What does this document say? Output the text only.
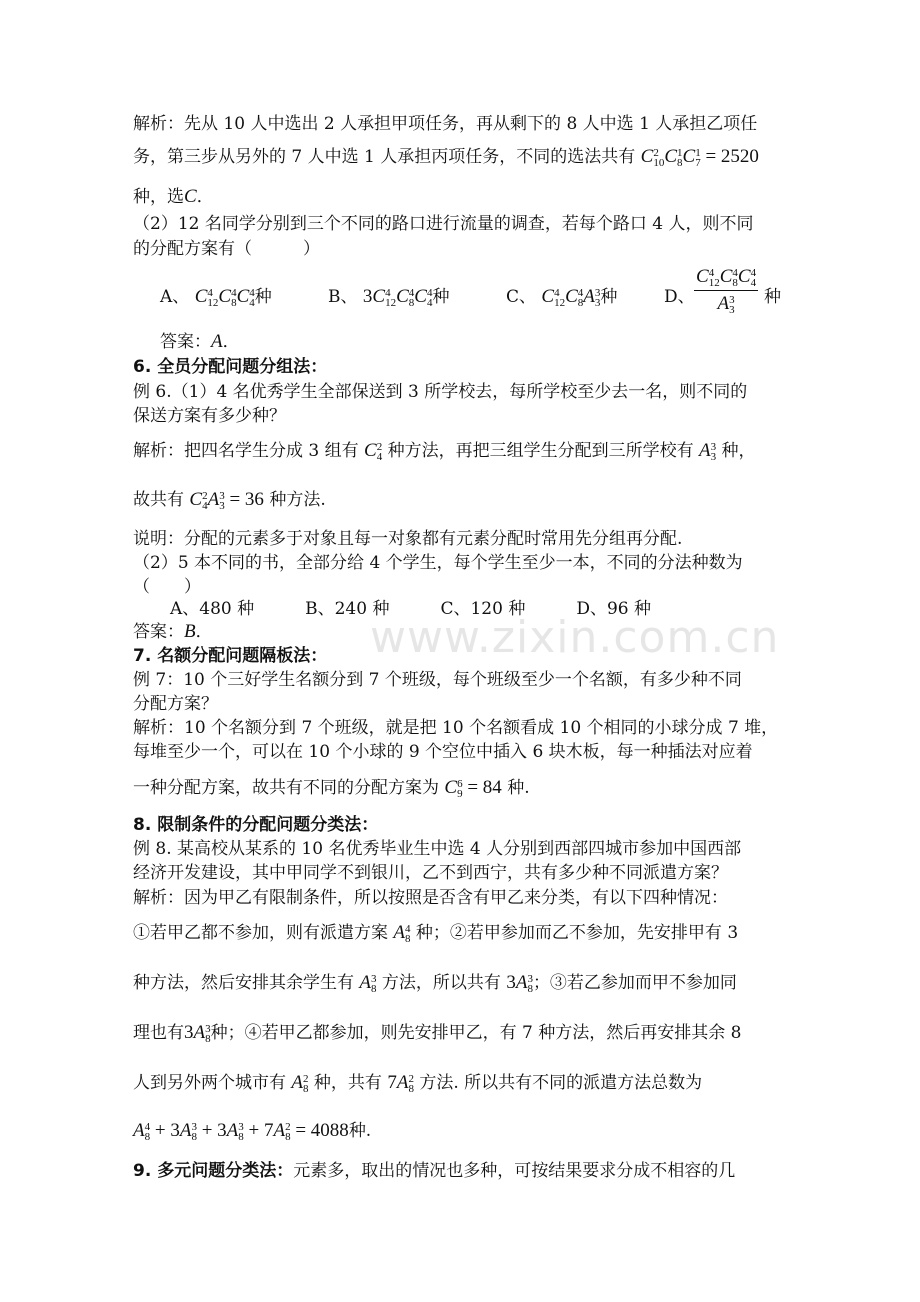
www.zixin.com.cn
解析：先从 10 人中选出 2 人承担甲项任务，再从剩下的 8 人中选 1 人承担乙项任
务，第三步从另外的 7 人中选 1 人承担丙项任务，不同的选法共有 C 2
10 C 1
8 C 1
7 = 2520
种，选C．
（2）12 名同学分别到三个不同的路口进行流量的调查，若每个路口 4 人，则不同
的分配方案有（　　　）
A、 C 4
12 C 4
8 C 4
4 种	B、 3C 4
12 C 4
8 C 4
4 种	C、 C 4
12 C 4
8 A 3
3 种	D、 C 4
12 C 4
8 C 4
4
A 3
3 种
答案：A．
6. 全员分配问题分组法：
例 6.（1）4 名优秀学生全部保送到 3 所学校去，每所学校至少去一名，则不同的
保送方案有多少种？
解析：把四名学生分成 3 组有 C 2
4 种方法，再把三组学生分配到三所学校有 A 3
3 种，
故共有 C 2
4 A 3
3 = 36 种方法.
说明：分配的元素多于对象且每一对象都有元素分配时常用先分组再分配.
（2）5 本不同的书，全部分给 4 个学生，每个学生至少一本，不同的分法种数为
（　　）
A、480 种　　　B、240 种　　　C、120 种　　　D、96 种
答案：B．
7. 名额分配问题隔板法：
例 7：10 个三好学生名额分到 7 个班级，每个班级至少一个名额，有多少种不同
分配方案？
解析：10 个名额分到 7 个班级，就是把 10 个名额看成 10 个相同的小球分成 7 堆，
每堆至少一个，可以在 10 个小球的 9 个空位中插入 6 块木板，每一种插法对应着
一种分配方案，故共有不同的分配方案为 C 6
9 = 84 种.
8. 限制条件的分配问题分类法：
例 8. 某高校从某系的 10 名优秀毕业生中选 4 人分别到西部四城市参加中国西部
经济开发建设，其中甲同学不到银川，乙不到西宁，共有多少种不同派遣方案？
解析：因为甲乙有限制条件，所以按照是否含有甲乙来分类，有以下四种情况：
①若甲乙都不参加，则有派遣方案 A 4
8 种；②若甲参加而乙不参加，先安排甲有 3
种方法，然后安排其余学生有 A 3
8 方法，所以共有 3A 3
8 ；③若乙参加而甲不参加同
理也有3A 3
8 种；④若甲乙都参加，则先安排甲乙，有 7 种方法，然后再安排其余 8
人到另外两个城市有 A 2
8 种，共有 7A 2
8 方法. 所以共有不同的派遣方法总数为
A 4
8 + 3A 3
8 + 3A 3
8 + 7A 2
8 = 4088种.
9. 多元问题分类法：元素多，取出的情况也多种，可按结果要求分成不相容的几
